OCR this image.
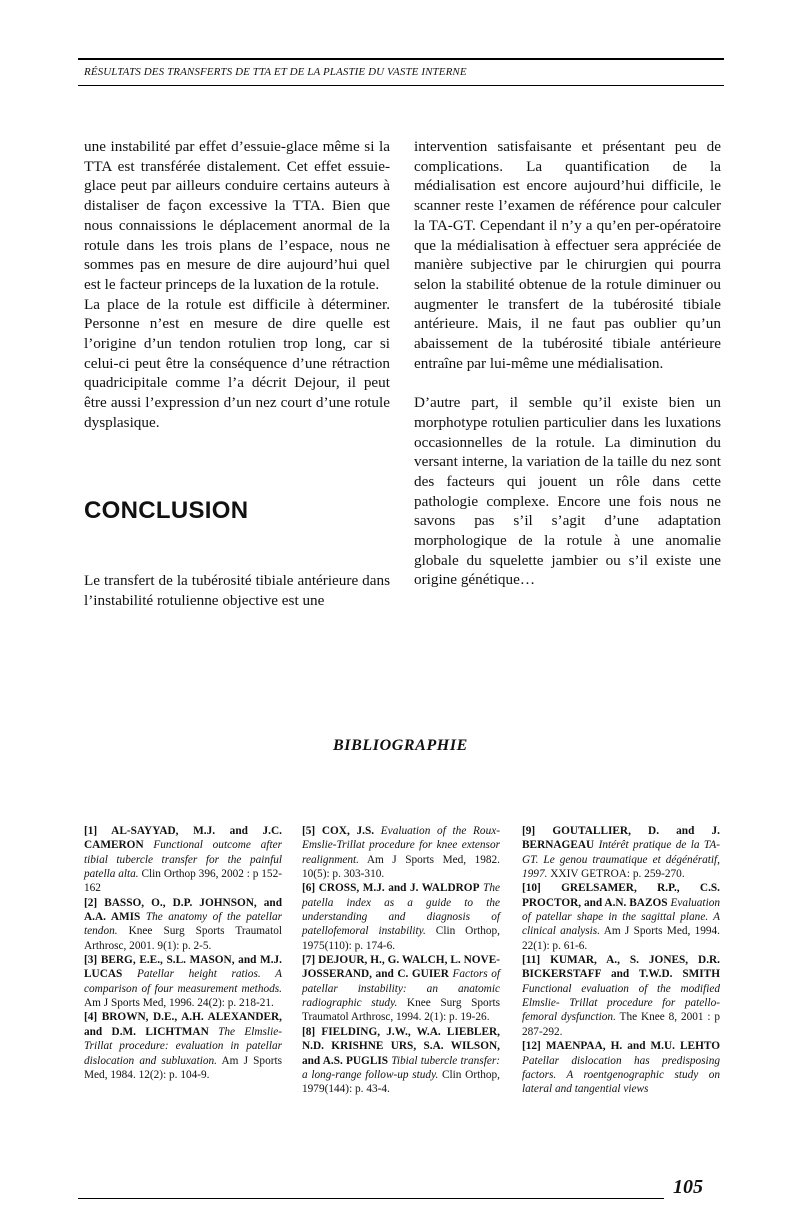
RÉSULTATS DES TRANSFERTS DE TTA ET DE LA PLASTIE DU VASTE INTERNE

une instabilité par effet d’essuie-glace même si la TTA est transférée distalement. Cet effet essuie-glace peut par ailleurs conduire certains auteurs à distaliser de façon excessive la TTA. Bien que nous connaissions le déplacement anormal de la rotule dans les trois plans de l’espace, nous ne sommes pas en mesure de dire aujourd’hui quel est le facteur princeps de la luxation de la rotule.

La place de la rotule est difficile à déterminer. Personne n’est en mesure de dire quelle est l’origine d’un tendon rotulien trop long, car si celui-ci peut être la conséquence d’une rétraction quadricipitale comme l’a décrit Dejour, il peut être aussi l’expression d’un nez court d’une rotule dysplasique.

CONCLUSION

Le transfert de la tubérosité tibiale antérieure dans l’instabilité rotulienne objective est une

intervention satisfaisante et présentant peu de complications. La quantification de la médialisation est encore aujourd’hui difficile, le scanner reste l’examen de référence pour calculer la TA-GT. Cependant il n’y a qu’en per-opératoire que la médialisation à effectuer sera appréciée de manière subjective par le chirurgien qui pourra selon la stabilité obtenue de la rotule diminuer ou augmenter le transfert de la tubérosité tibiale antérieure. Mais, il ne faut pas oublier qu’un abaissement de la tubérosité tibiale antérieure entraîne par lui-même une médialisation.

D’autre part, il semble qu’il existe bien un morphotype rotulien particulier dans les luxations occasionnelles de la rotule. La diminution du versant interne, la variation de la taille du nez sont des facteurs qui jouent un rôle dans cette pathologie complexe. Encore une fois nous ne savons pas s’il s’agit d’une adaptation morphologique de la rotule à une anomalie globale du squelette jambier ou s’il existe une origine génétique…

BIBLIOGRAPHIE

[1] AL-SAYYAD, M.J. and J.C. CAMERON Functional outcome after tibial tubercle transfer for the painful patella alta. Clin Orthop 396, 2002 : p 152-162

[2] BASSO, O., D.P. JOHNSON, and A.A. AMIS The anatomy of the patellar tendon. Knee Surg Sports Traumatol Arthrosc, 2001. 9(1): p. 2-5.

[3] BERG, E.E., S.L. MASON, and M.J. LUCAS Patellar height ratios. A comparison of four measurement methods. Am J Sports Med, 1996. 24(2): p. 218-21.

[4] BROWN, D.E., A.H. ALEXANDER, and D.M. LICHTMAN The Elmslie-Trillat procedure: evaluation in patellar dislocation and subluxation. Am J Sports Med, 1984. 12(2): p. 104-9.

[5] COX, J.S. Evaluation of the Roux-Emslie-Trillat procedure for knee extensor realignment. Am J Sports Med, 1982. 10(5): p. 303-310.

[6] CROSS, M.J. and J. WALDROP The patella index as a guide to the understanding and diagnosis of patellofemoral instability. Clin Orthop, 1975(110): p. 174-6.

[7] DEJOUR, H., G. WALCH, L. NOVE-JOSSERAND, and C. GUIER Factors of patellar instability: an anatomic radiographic study. Knee Surg Sports Traumatol Arthrosc, 1994. 2(1): p. 19-26.

[8] FIELDING, J.W., W.A. LIEBLER, N.D. KRISHNE URS, S.A. WILSON, and A.S. PUGLIS Tibial tubercle transfer: a long-range follow-up study. Clin Orthop, 1979(144): p. 43-4.

[9] GOUTALLIER, D. and J. BERNAGEAU Intérêt pratique de la TA-GT. Le genou traumatique et dégénératif, 1997. XXIV GETROA: p. 259-270.

[10] GRELSAMER, R.P., C.S. PROCTOR, and A.N. BAZOS Evaluation of patellar shape in the sagittal plane. A clinical analysis. Am J Sports Med, 1994. 22(1): p. 61-6.

[11] KUMAR, A., S. JONES, D.R. BICKERSTAFF and T.W.D. SMITH Functional evaluation of the modified Elmslie- Trillat procedure for patello-femoral dysfunction. The Knee 8, 2001 : p 287-292.

[12] MAENPAA, H. and M.U. LEHTO Patellar dislocation has predisposing factors. A roentgenographic study on lateral and tangential views

105
